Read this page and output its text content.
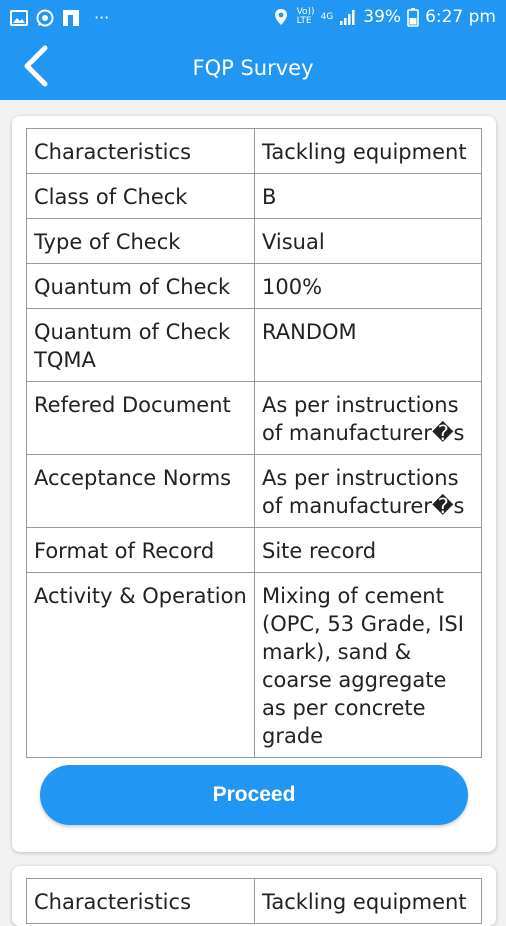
···	Vo))
LTE	4G 39% 6:27 pm
FQP Survey
Characteristics	Tackling equipment
Class of Check	B
Type of Check	Visual
Quantum of Check	100%
Quantum of Check TQMA	RANDOM
Refered Document	As per instructions of manufacturer�s
Acceptance Norms	As per instructions of manufacturer�s
Format of Record	Site record
Activity & Operation	Mixing of cement (OPC, 53 Grade, ISI mark), sand & coarse aggregate as per concrete grade
Proceed
Characteristics	Tackling equipment
